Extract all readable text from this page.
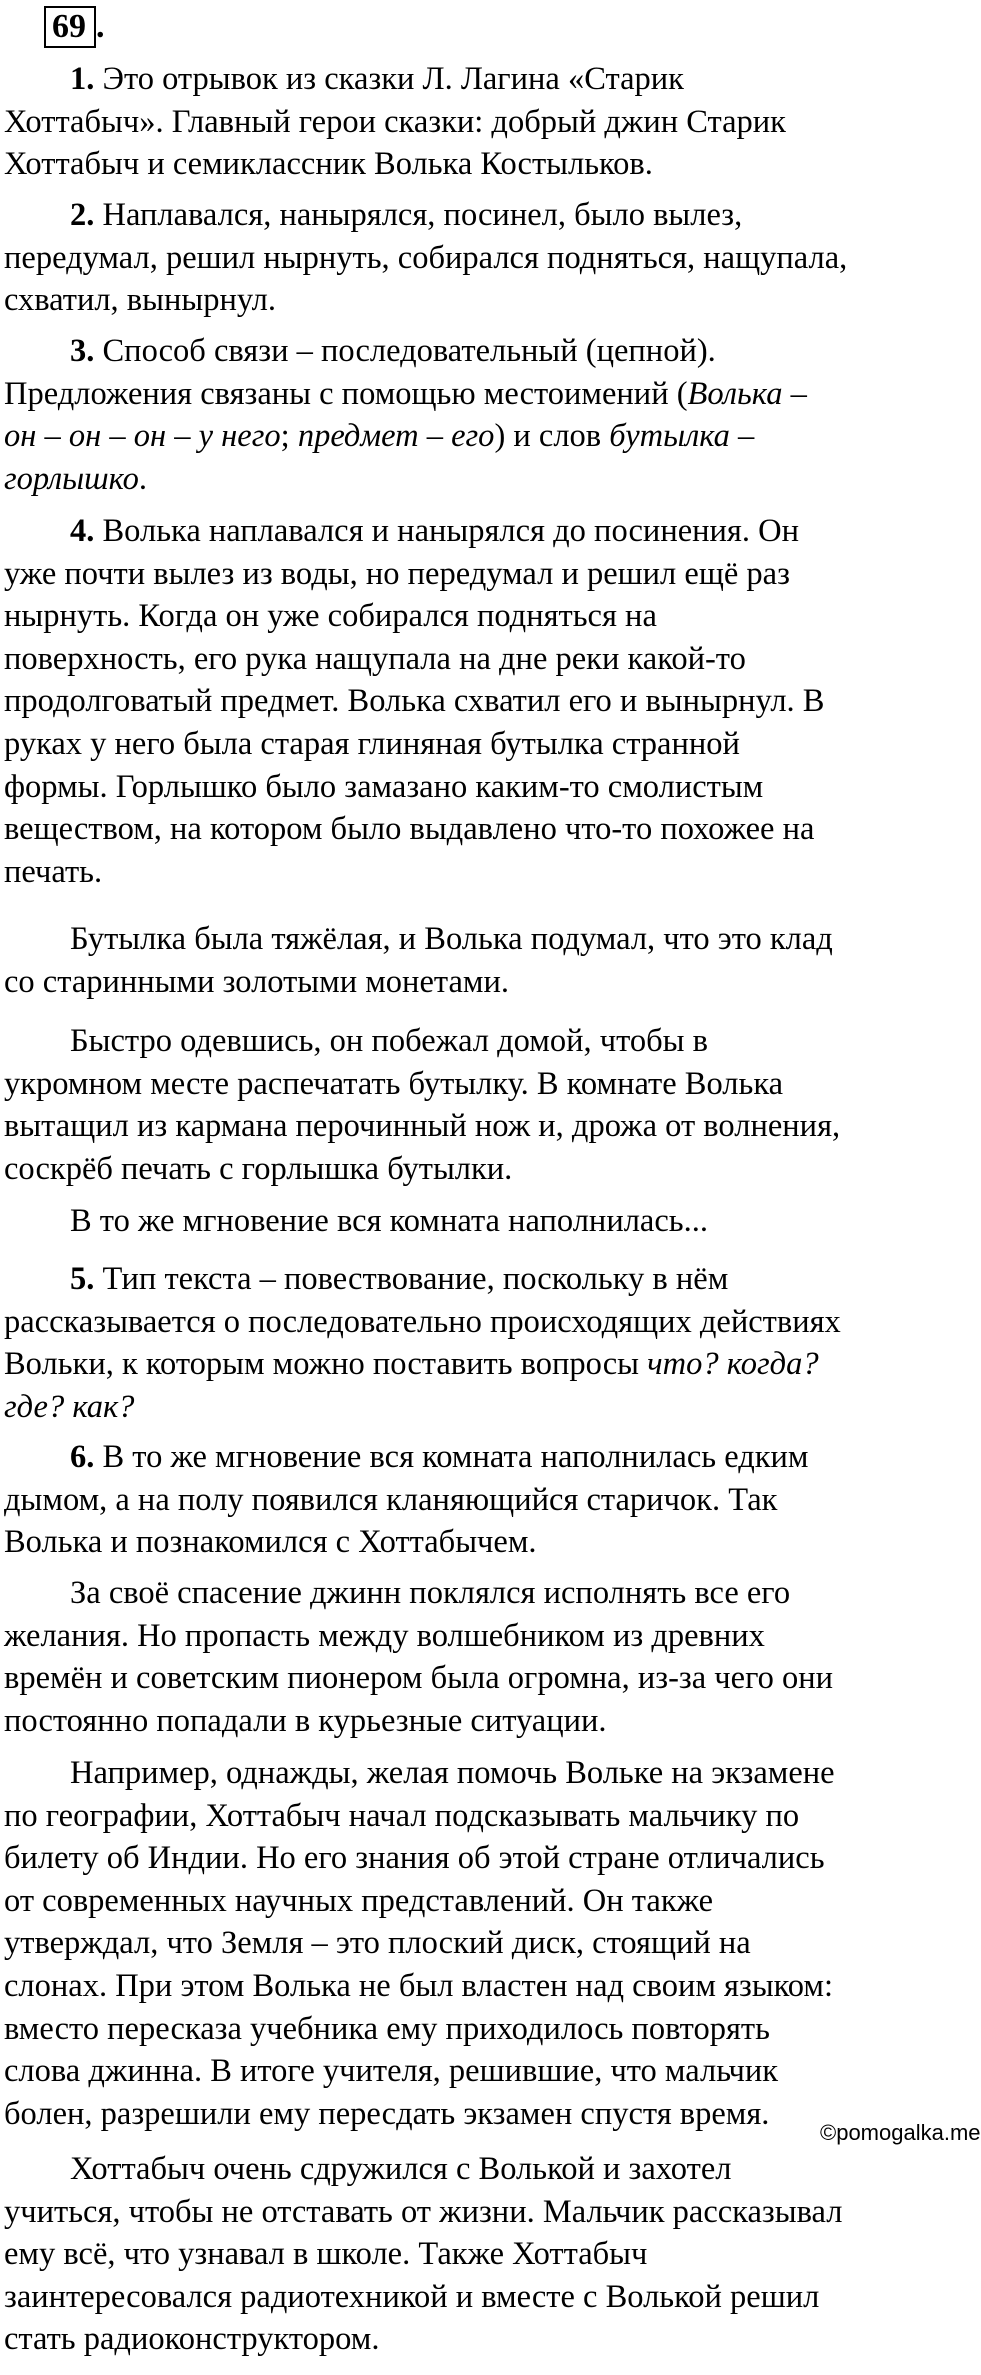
69 .
1. Это отрывок из сказки Л. Лагина «Старик
Хоттабыч». Главный герои сказки: добрый джин Старик
Хоттабыч и семиклассник Волька Костыльков.
2. Наплавался, нанырялся, посинел, было вылез,
передумал, решил нырнуть, собирался подняться, нащупала,
схватил, вынырнул.
3. Способ связи – последовательный (цепной).
Предложения связаны с помощью местоимений (Волька –
он – он – он – у него; предмет – его) и слов бутылка –
горлышко.
4. Волька наплавался и нанырялся до посинения. Он
уже почти вылез из воды, но передумал и решил ещё раз
нырнуть. Когда он уже собирался подняться на
поверхность, его рука нащупала на дне реки какой-то
продолговатый предмет. Волька схватил его и вынырнул. В
руках у него была старая глиняная бутылка странной
формы. Горлышко было замазано каким-то смолистым
веществом, на котором было выдавлено что-то похожее на
печать.
Бутылка была тяжёлая, и Волька подумал, что это клад
со старинными золотыми монетами.
Быстро одевшись, он побежал домой, чтобы в
укромном месте распечатать бутылку. В комнате Волька
вытащил из кармана перочинный нож и, дрожа от волнения,
соскрёб печать с горлышка бутылки.
В то же мгновение вся комната наполнилась...
5. Тип текста – повествование, поскольку в нём
рассказывается о последовательно происходящих действиях
Вольки, к которым можно поставить вопросы что? когда?
где? как?
6. В то же мгновение вся комната наполнилась едким
дымом, а на полу появился кланяющийся старичок. Так
Волька и познакомился с Хоттабычем.
За своё спасение джинн поклялся исполнять все его
желания. Но пропасть между волшебником из древних
времён и советским пионером была огромна, из-за чего они
постоянно попадали в курьезные ситуации.
Например, однажды, желая помочь Вольке на экзамене
по географии, Хоттабыч начал подсказывать мальчику по
билету об Индии. Но его знания об этой стране отличались
от современных научных представлений. Он также
утверждал, что Земля – это плоский диск, стоящий на
слонах. При этом Волька не был властен над своим языком:
вместо пересказа учебника ему приходилось повторять
слова джинна. В итоге учителя, решившие, что мальчик
болен, разрешили ему пересдать экзамен спустя время.
Хоттабыч очень сдружился с Волькой и захотел
учиться, чтобы не отставать от жизни. Мальчик рассказывал
ему всё, что узнавал в школе. Также Хоттабыч
заинтересовался радиотехникой и вместе с Волькой решил
стать радиоконструктором.
©pomogalka.me
